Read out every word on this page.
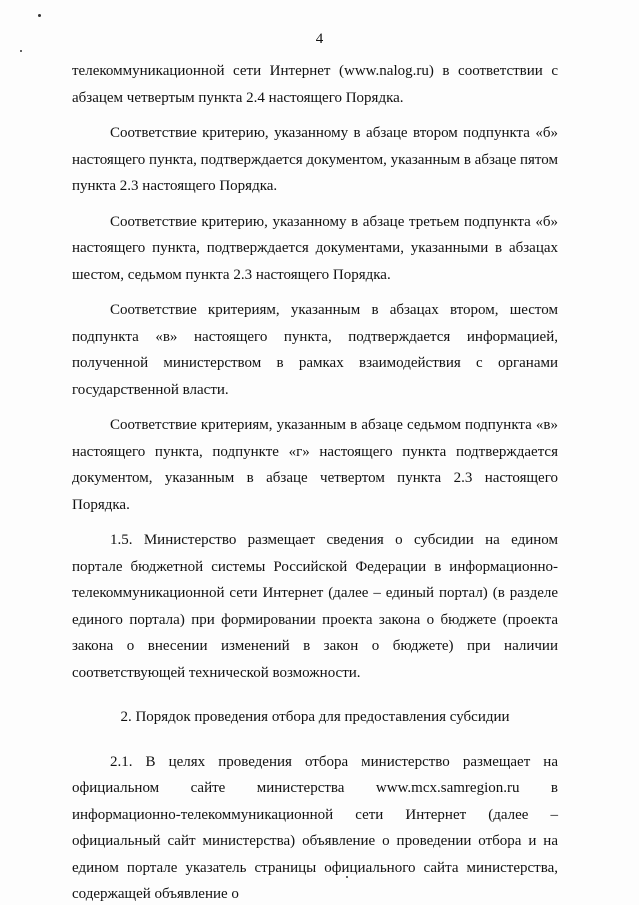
4

телекоммуникационной сети Интернет (www.nalog.ru) в соответствии с абзацем четвертым пункта 2.4 настоящего Порядка.

Соответствие критерию, указанному в абзаце втором подпункта «б» настоящего пункта, подтверждается документом, указанным в абзаце пятом пункта 2.3 настоящего Порядка.

Соответствие критерию, указанному в абзаце третьем подпункта «б» настоящего пункта, подтверждается документами, указанными в абзацах шестом, седьмом пункта 2.3 настоящего Порядка.

Соответствие критериям, указанным в абзацах втором, шестом подпункта «в» настоящего пункта, подтверждается информацией, полученной министерством в рамках взаимодействия с органами государственной власти.

Соответствие критериям, указанным в абзаце седьмом подпункта «в» настоящего пункта, подпункте «г» настоящего пункта подтверждается документом, указанным в абзаце четвертом пункта 2.3 настоящего Порядка.

1.5. Министерство размещает сведения о субсидии на едином портале бюджетной системы Российской Федерации в информационно-телекоммуникационной сети Интернет (далее – единый портал) (в разделе единого портала) при формировании проекта закона о бюджете (проекта закона о внесении изменений в закон о бюджете) при наличии соответствующей технической возможности.

2. Порядок проведения отбора для предоставления субсидии

2.1. В целях проведения отбора министерство размещает на официальном сайте министерства www.mcx.samregion.ru в информационно-телекоммуникационной сети Интернет (далее – официальный сайт министерства) объявление о проведении отбора и на едином портале указатель страницы официального сайта министерства, содержащей объявление о
